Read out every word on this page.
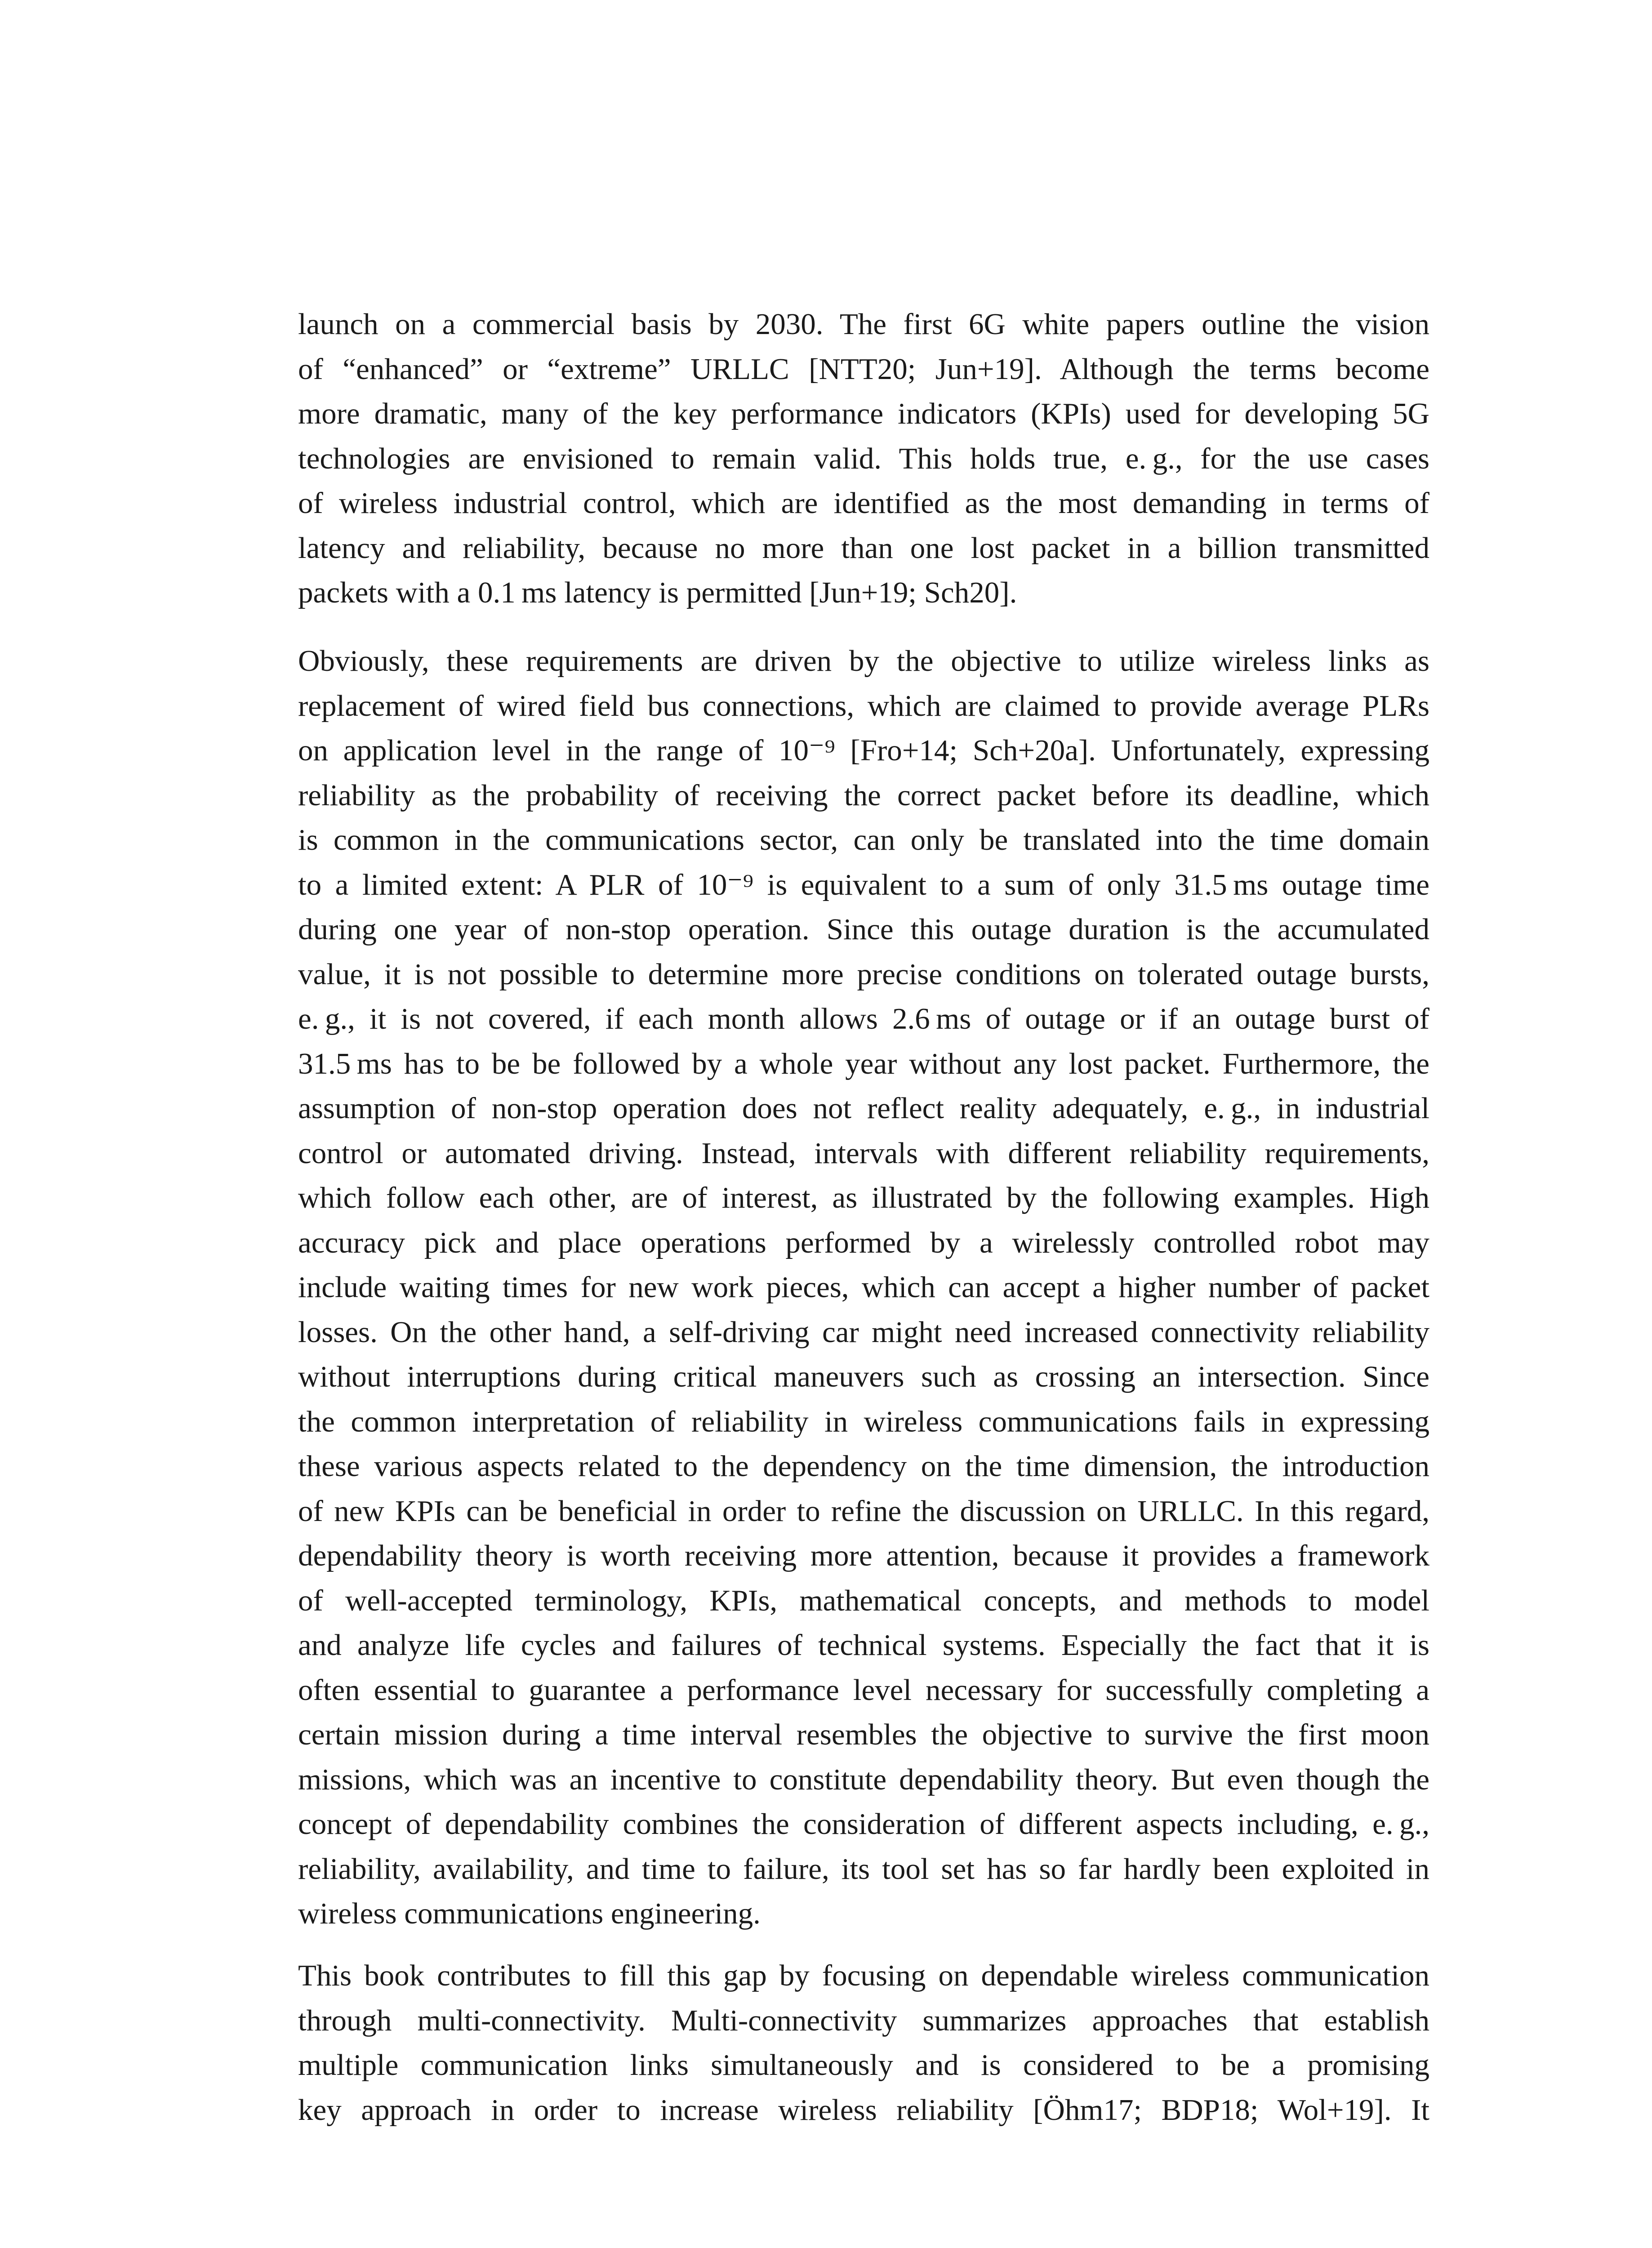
launch on a commercial basis by 2030. The first 6G white papers outline the vision
of “enhanced” or “extreme” URLLC [NTT20; Jun+19]. Although the terms become
more dramatic, many of the key performance indicators (KPIs) used for developing 5G
technologies are envisioned to remain valid. This holds true, e. g., for the use cases
of wireless industrial control, which are identified as the most demanding in terms of
latency and reliability, because no more than one lost packet in a billion transmitted
packets with a 0.1 ms latency is permitted [Jun+19; Sch20].
Obviously, these requirements are driven by the objective to utilize wireless links as
replacement of wired field bus connections, which are claimed to provide average PLRs
on application level in the range of 10⁻⁹ [Fro+14; Sch+20a]. Unfortunately, expressing
reliability as the probability of receiving the correct packet before its deadline, which
is common in the communications sector, can only be translated into the time domain
to a limited extent: A PLR of 10⁻⁹ is equivalent to a sum of only 31.5 ms outage time
during one year of non-stop operation. Since this outage duration is the accumulated
value, it is not possible to determine more precise conditions on tolerated outage bursts,
e. g., it is not covered, if each month allows 2.6 ms of outage or if an outage burst of
31.5 ms has to be be followed by a whole year without any lost packet. Furthermore, the
assumption of non-stop operation does not reflect reality adequately, e. g., in industrial
control or automated driving. Instead, intervals with different reliability requirements,
which follow each other, are of interest, as illustrated by the following examples. High
accuracy pick and place operations performed by a wirelessly controlled robot may
include waiting times for new work pieces, which can accept a higher number of packet
losses. On the other hand, a self-driving car might need increased connectivity reliability
without interruptions during critical maneuvers such as crossing an intersection. Since
the common interpretation of reliability in wireless communications fails in expressing
these various aspects related to the dependency on the time dimension, the introduction
of new KPIs can be beneficial in order to refine the discussion on URLLC. In this regard,
dependability theory is worth receiving more attention, because it provides a framework
of well-accepted terminology, KPIs, mathematical concepts, and methods to model
and analyze life cycles and failures of technical systems. Especially the fact that it is
often essential to guarantee a performance level necessary for successfully completing a
certain mission during a time interval resembles the objective to survive the first moon
missions, which was an incentive to constitute dependability theory. But even though the
concept of dependability combines the consideration of different aspects including, e. g.,
reliability, availability, and time to failure, its tool set has so far hardly been exploited in
wireless communications engineering.
This book contributes to fill this gap by focusing on dependable wireless communication
through multi-connectivity. Multi-connectivity summarizes approaches that establish
multiple communication links simultaneously and is considered to be a promising
key approach in order to increase wireless reliability [Öhm17; BDP18; Wol+19]. It
